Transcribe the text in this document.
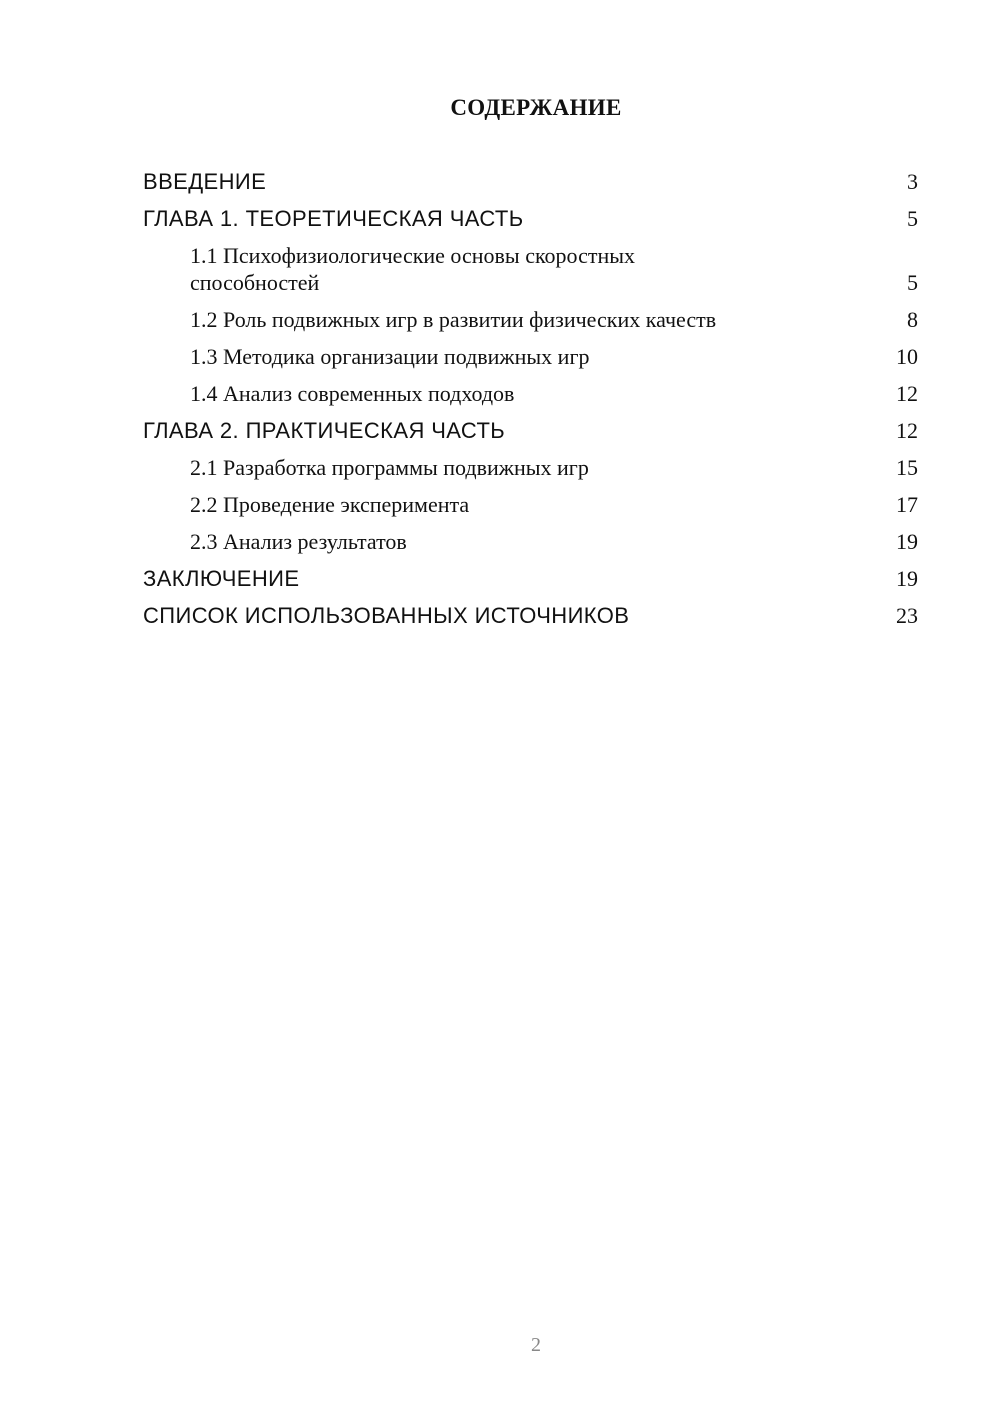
СОДЕРЖАНИЕ
ВВЕДЕНИЕ	3
ГЛАВА 1. ТЕОРЕТИЧЕСКАЯ ЧАСТЬ	5
1.1 Психофизиологические основы скоростных способностей	5
1.2 Роль подвижных игр в развитии физических качеств	8
1.3 Методика организации подвижных игр	10
1.4 Анализ современных подходов	12
ГЛАВА 2. ПРАКТИЧЕСКАЯ ЧАСТЬ	12
2.1 Разработка программы подвижных игр	15
2.2 Проведение эксперимента	17
2.3 Анализ результатов	19
ЗАКЛЮЧЕНИЕ	19
СПИСОК ИСПОЛЬЗОВАННЫХ ИСТОЧНИКОВ	23
2
